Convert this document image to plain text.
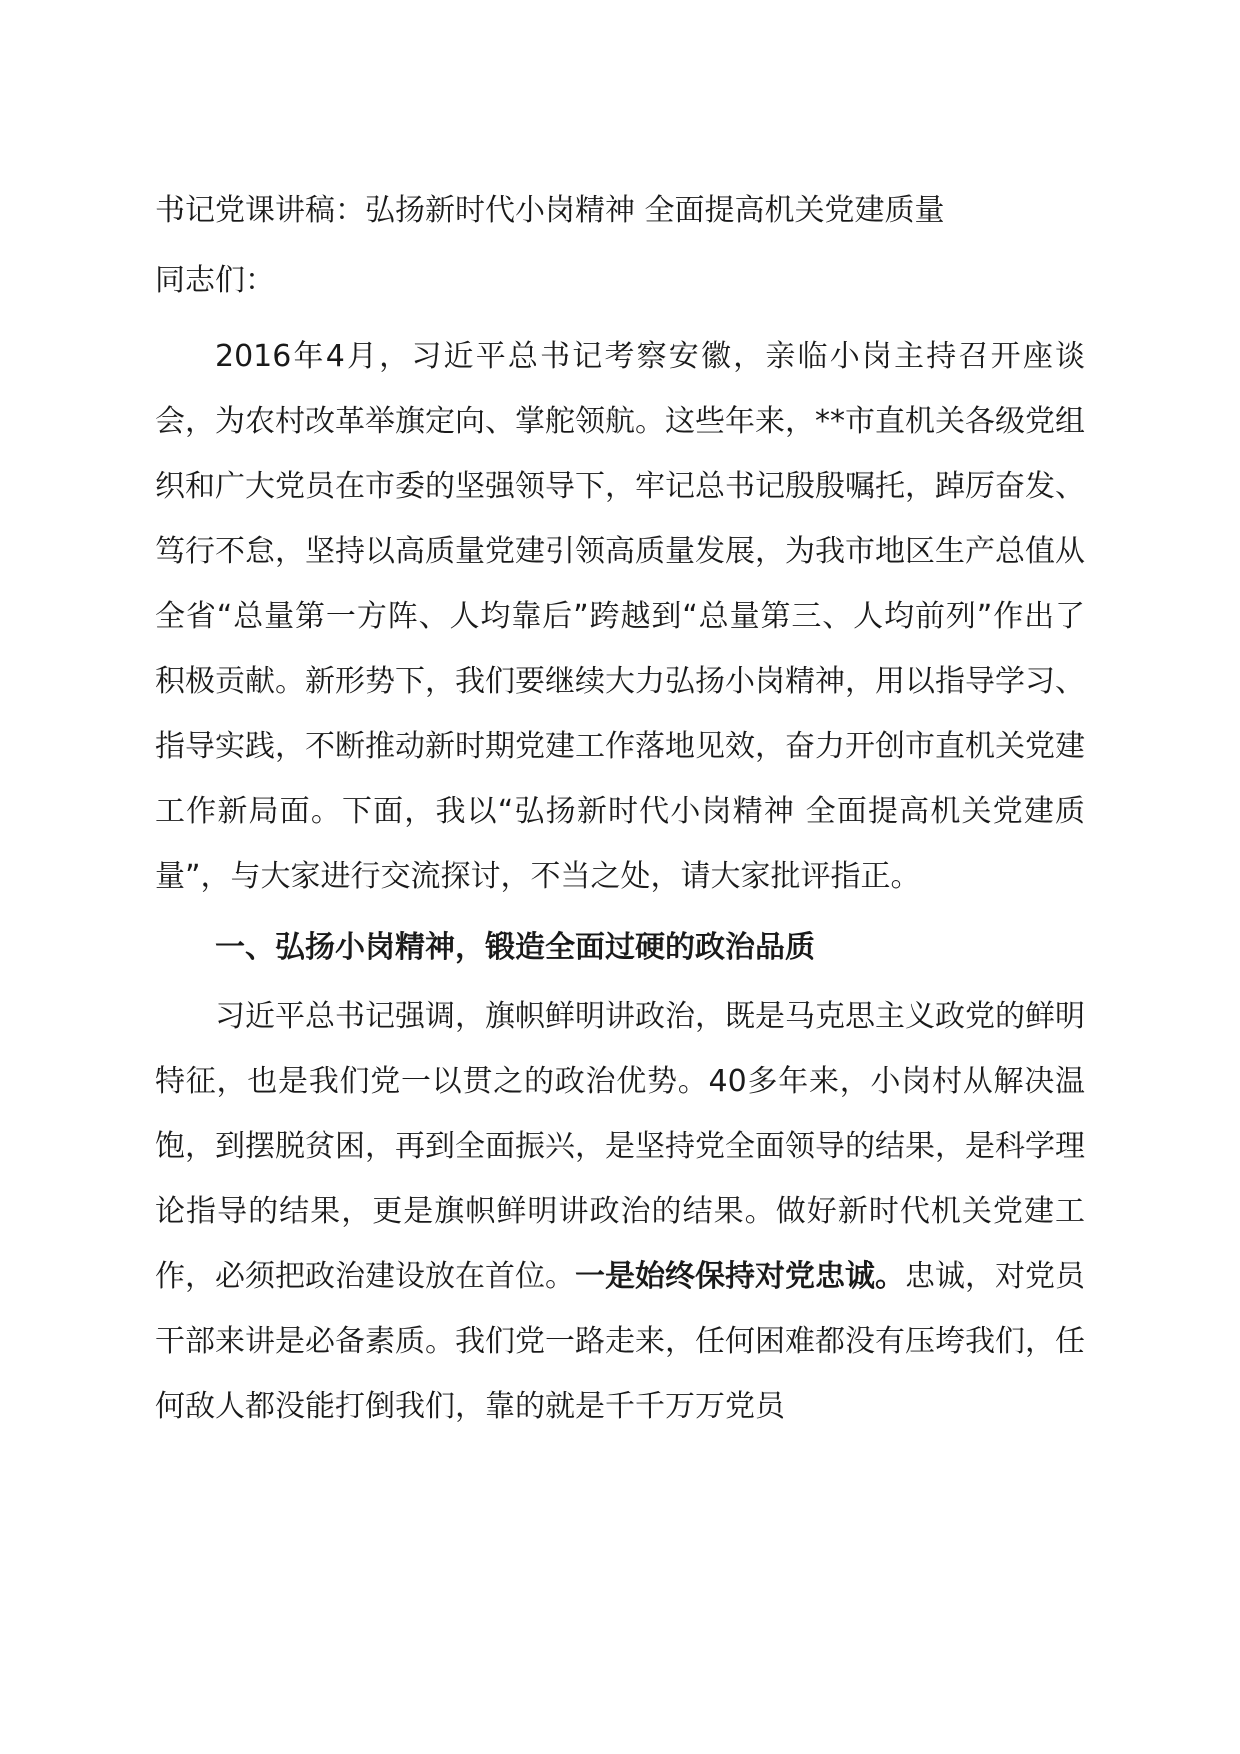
书记党课讲稿：弘扬新时代小岗精神 全面提高机关党建质量
同志们：

2016年4月，习近平总书记考察安徽，亲临小岗主持召开座谈会，为农村改革举旗定向、掌舵领航。这些年来，**市直机关各级党组织和广大党员在市委的坚强领导下，牢记总书记殷殷嘱托，踔厉奋发、笃行不怠，坚持以高质量党建引领高质量发展，为我市地区生产总值从全省“总量第一方阵、人均靠后”跨越到“总量第三、人均前列”作出了积极贡献。新形势下，我们要继续大力弘扬小岗精神，用以指导学习、指导实践，不断推动新时期党建工作落地见效，奋力开创市直机关党建工作新局面。下面，我以“弘扬新时代小岗精神 全面提高机关党建质量”，与大家进行交流探讨，不当之处，请大家批评指正。

一、弘扬小岗精神，锻造全面过硬的政治品质

习近平总书记强调，旗帜鲜明讲政治，既是马克思主义政党的鲜明特征，也是我们党一以贯之的政治优势。40多年来，小岗村从解决温饱，到摆脱贫困，再到全面振兴，是坚持党全面领导的结果，是科学理论指导的结果，更是旗帜鲜明讲政治的结果。做好新时代机关党建工作，必须把政治建设放在首位。一是始终保持对党忠诚。忠诚，对党员干部来讲是必备素质。我们党一路走来，任何困难都没有压垮我们，任何敌人都没能打倒我们，靠的就是千千万万党员
